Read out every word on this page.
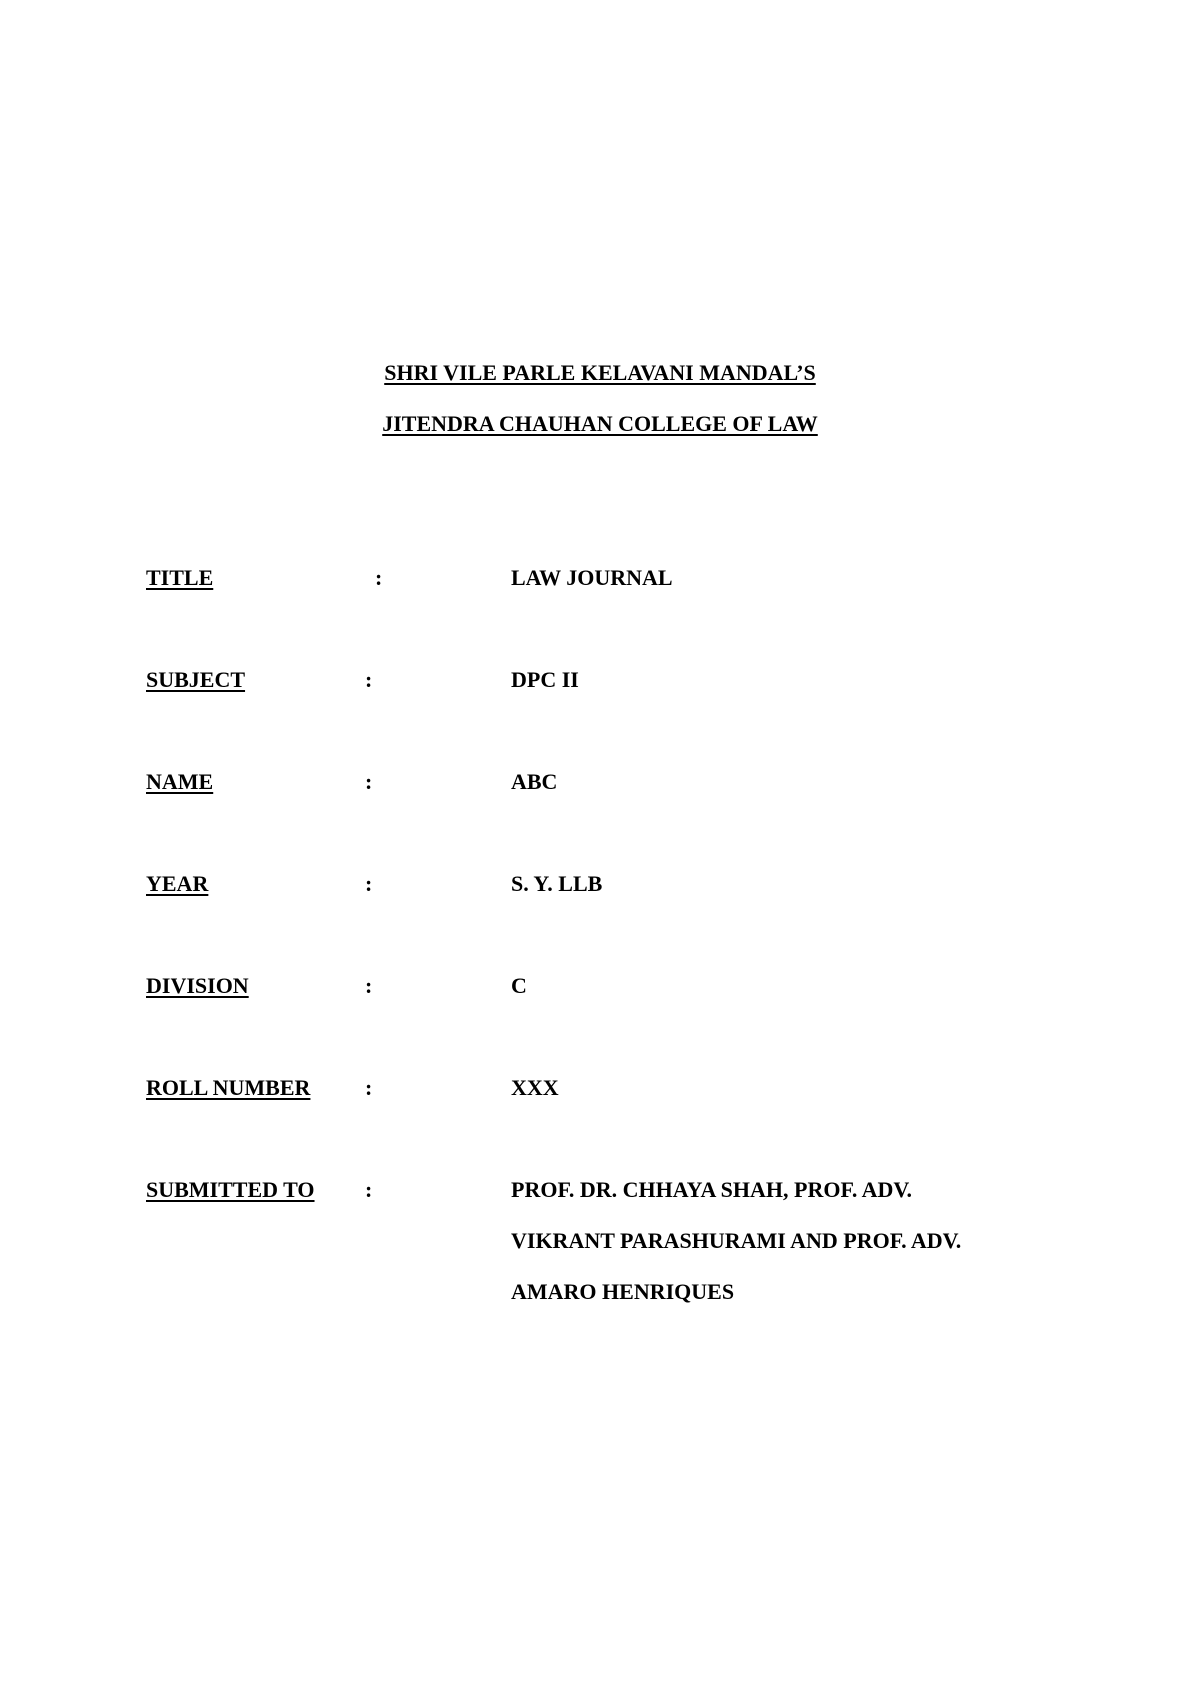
SHRI VILE PARLE KELAVANI MANDAL’S
JITENDRA CHAUHAN COLLEGE OF LAW
TITLE	:	LAW JOURNAL
SUBJECT	:	DPC II
NAME	:	ABC
YEAR	:	S. Y. LLB
DIVISION	:	C
ROLL NUMBER :	XXX
SUBMITTED TO :	PROF. DR. CHHAYA SHAH, PROF. ADV.
VIKRANT PARASHURAMI AND PROF. ADV.
AMARO HENRIQUES
